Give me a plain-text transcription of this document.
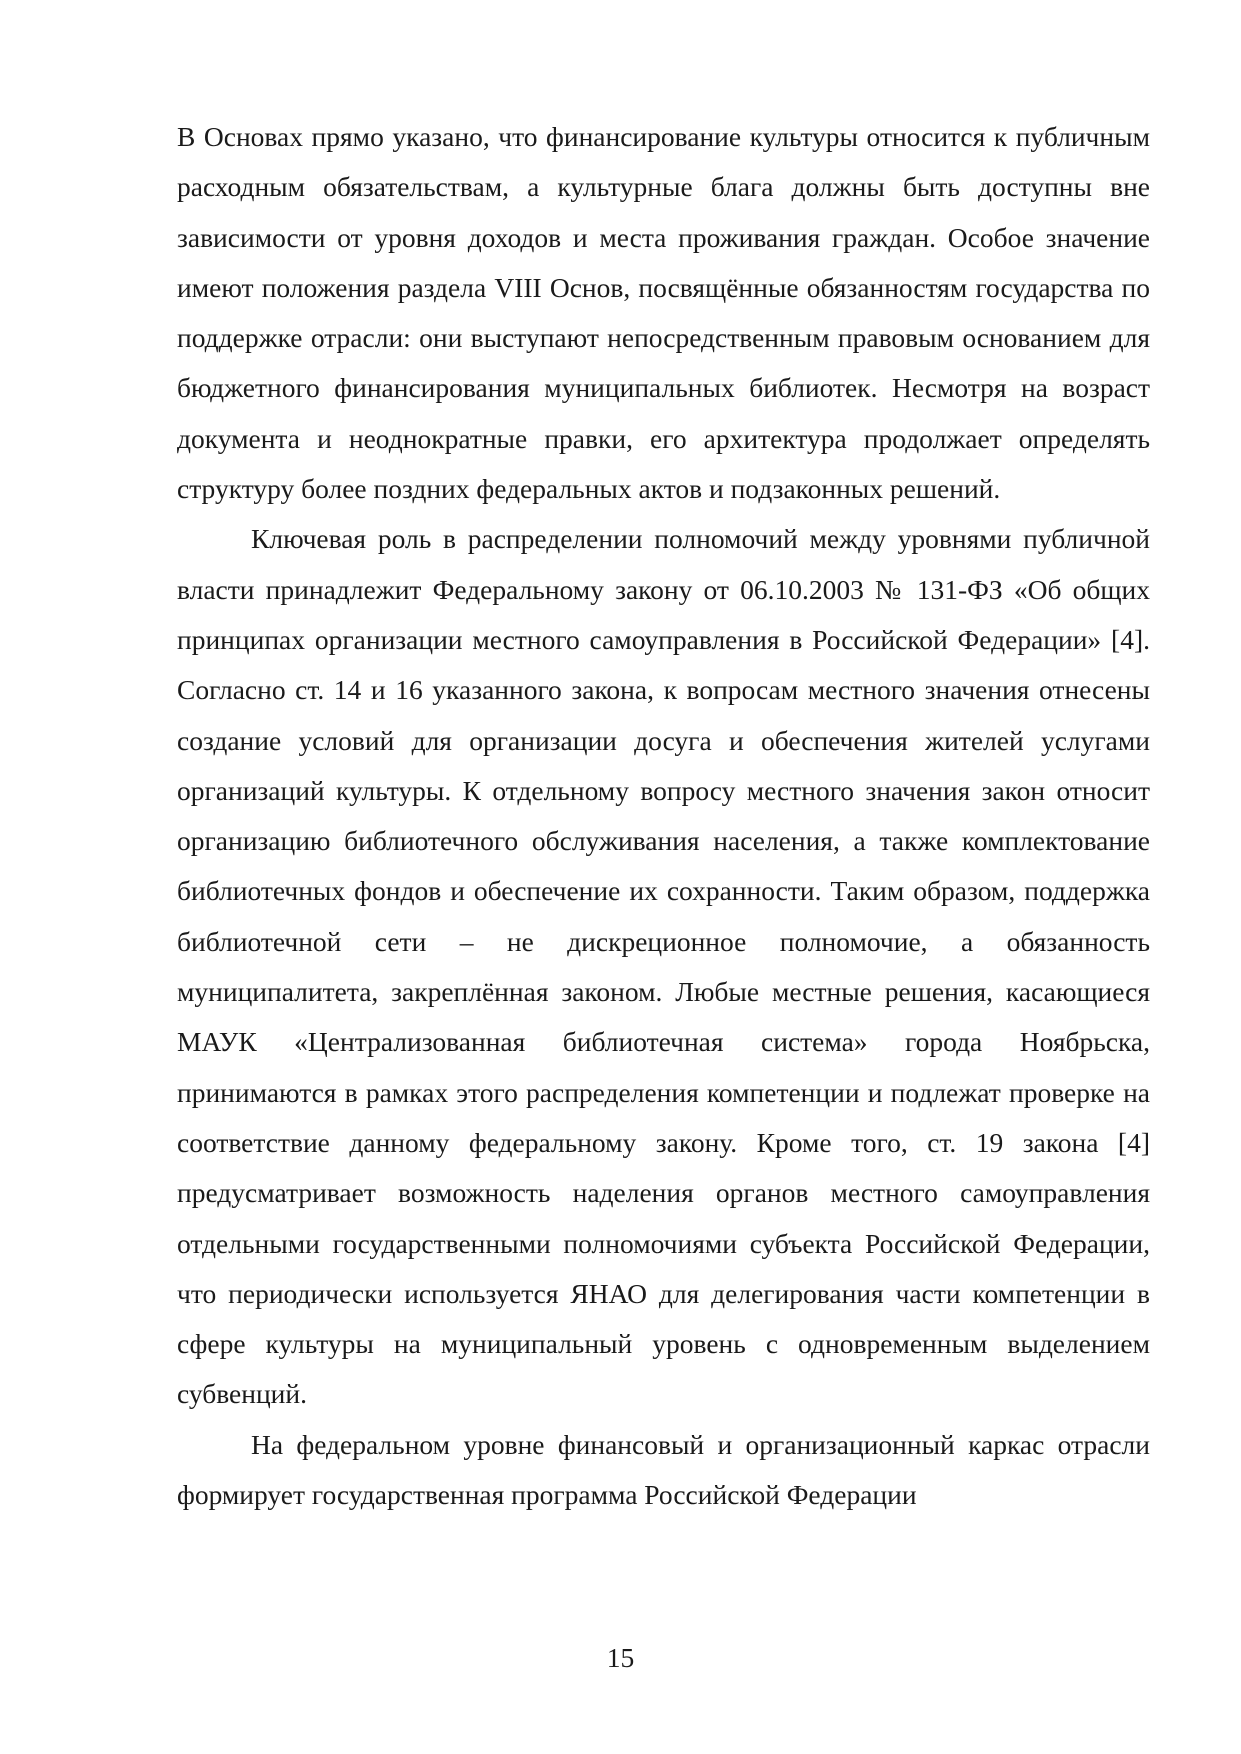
В Основах прямо указано, что финансирование культуры относится к публичным расходным обязательствам, а культурные блага должны быть доступны вне зависимости от уровня доходов и места проживания граждан. Особое значение имеют положения раздела VIII Основ, посвящённые обязанностям государства по поддержке отрасли: они выступают непосредственным правовым основанием для бюджетного финансирования муниципальных библиотек. Несмотря на возраст документа и неоднократные правки, его архитектура продолжает определять структуру более поздних федеральных актов и подзаконных решений.

Ключевая роль в распределении полномочий между уровнями публичной власти принадлежит Федеральному закону от 06.10.2003 № 131-ФЗ «Об общих принципах организации местного самоуправления в Российской Федерации» [4]. Согласно ст. 14 и 16 указанного закона, к вопросам местного значения отнесены создание условий для организации досуга и обеспечения жителей услугами организаций культуры. К отдельному вопросу местного значения закон относит организацию библиотечного обслуживания населения, а также комплектование библиотечных фондов и обеспечение их сохранности. Таким образом, поддержка библиотечной сети – не дискреционное полномочие, а обязанность муниципалитета, закреплённая законом. Любые местные решения, касающиеся МАУК «Централизованная библиотечная система» города Ноябрьска, принимаются в рамках этого распределения компетенции и подлежат проверке на соответствие данному федеральному закону. Кроме того, ст. 19 закона [4] предусматривает возможность наделения органов местного самоуправления отдельными государственными полномочиями субъекта Российской Федерации, что периодически используется ЯНАО для делегирования части компетенции в сфере культуры на муниципальный уровень с одновременным выделением субвенций.

На федеральном уровне финансовый и организационный каркас отрасли формирует государственная программа Российской Федерации

15
